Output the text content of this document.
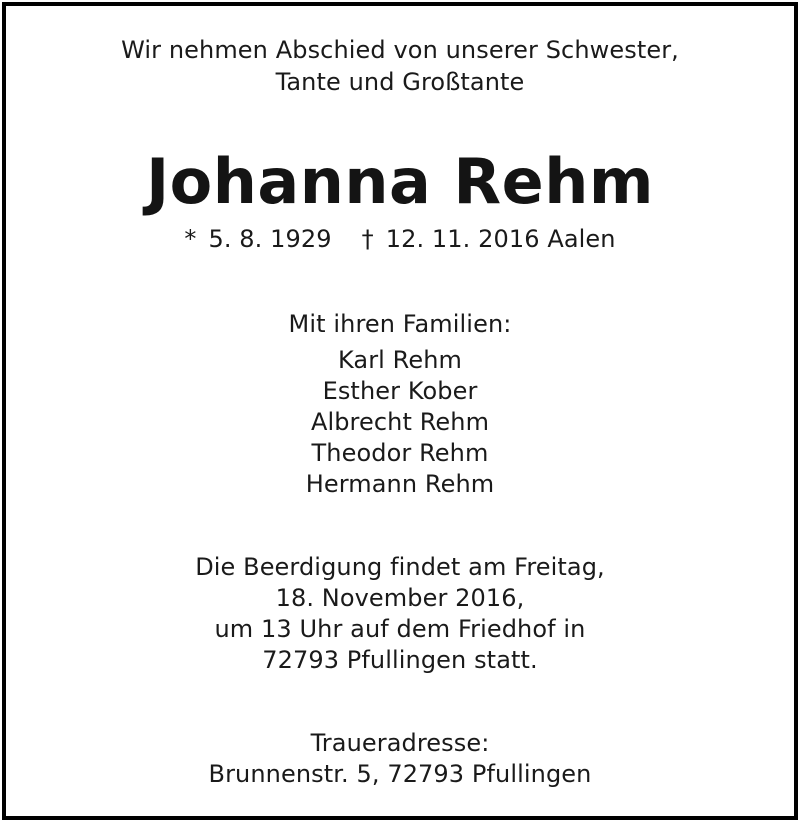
Wir nehmen Abschied von unserer Schwester,
Tante und Großtante
Johanna Rehm
* 5. 8. 1929 † 12. 11. 2016 Aalen
Mit ihren Familien:
Karl Rehm
Esther Kober
Albrecht Rehm
Theodor Rehm
Hermann Rehm
Die Beerdigung findet am Freitag,
18. November 2016,
um 13 Uhr auf dem Friedhof in
72793 Pfullingen statt.
Traueradresse:
Brunnenstr. 5, 72793 Pfullingen
